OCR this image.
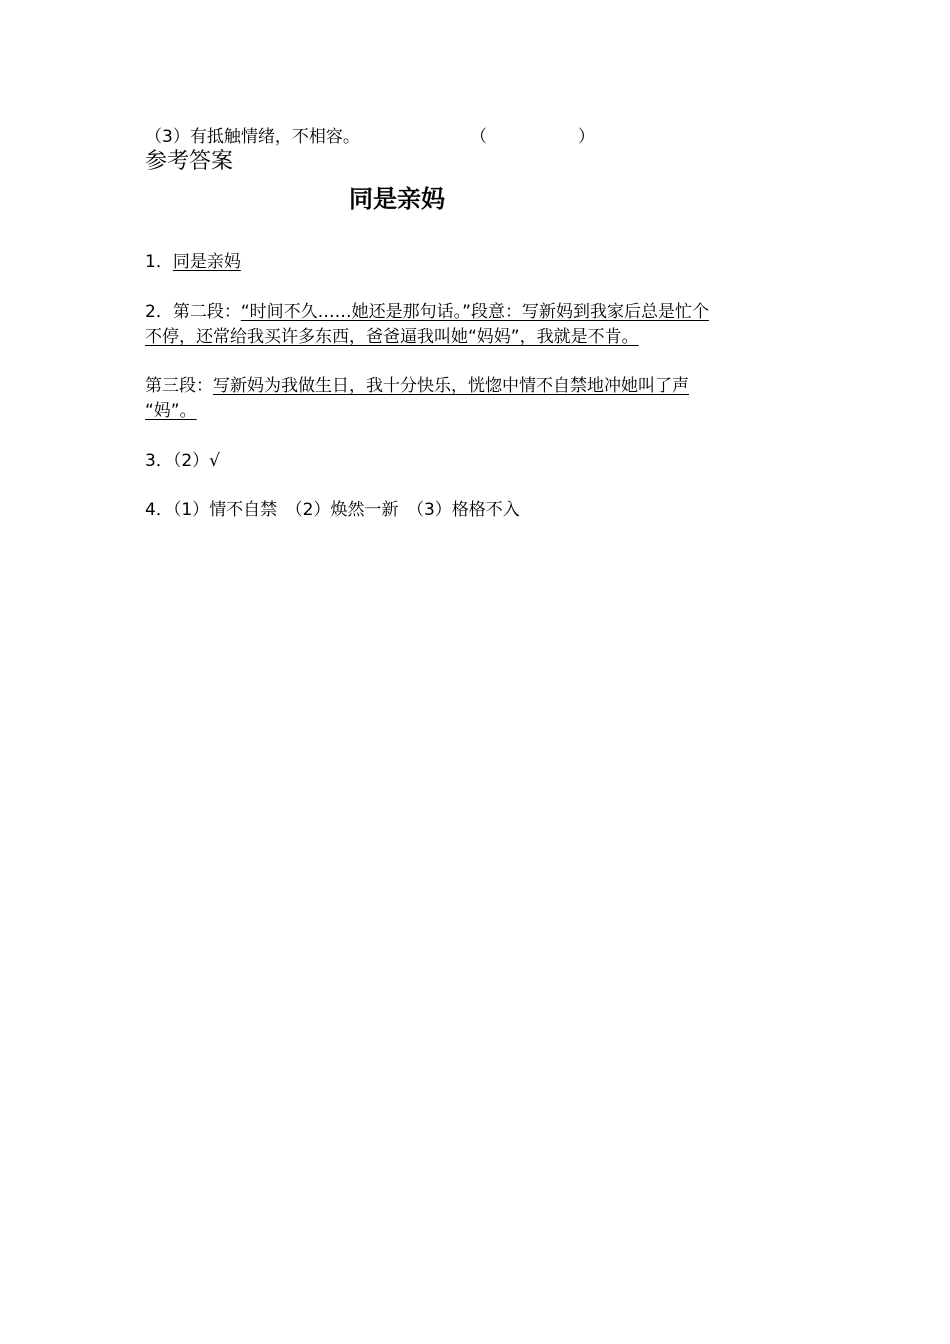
（3）有抵触情绪，不相容。	（	）
参考答案
同是亲妈
1．同是亲妈
2．第二段：“时间不久……她还是那句话。”段意：写新妈到我家后总是忙个
不停，还常给我买许多东西，爸爸逼我叫她“妈妈”，我就是不肯。
第三段：写新妈为我做生日，我十分快乐，恍惚中情不自禁地冲她叫了声
“妈”。
3．（2）√
4．（1）情不自禁　（2）焕然一新　（3）格格不入
